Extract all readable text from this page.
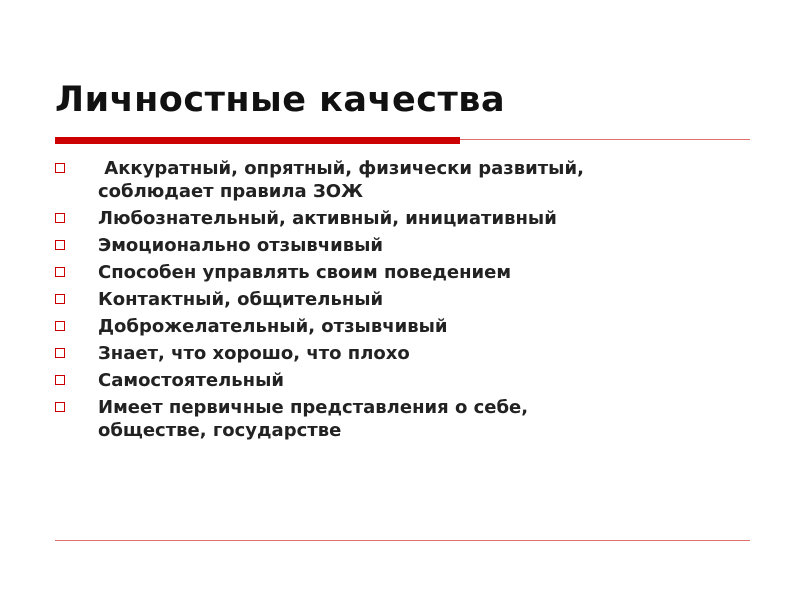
Личностные качества
Аккуратный, опрятный, физически развитый,
соблюдает правила ЗОЖ
Любознательный, активный, инициативный
Эмоционально отзывчивый
Способен управлять своим поведением
Контактный, общительный
Доброжелательный, отзывчивый
Знает, что хорошо, что плохо
Самостоятельный
Имеет первичные представления о себе,
обществе, государстве
